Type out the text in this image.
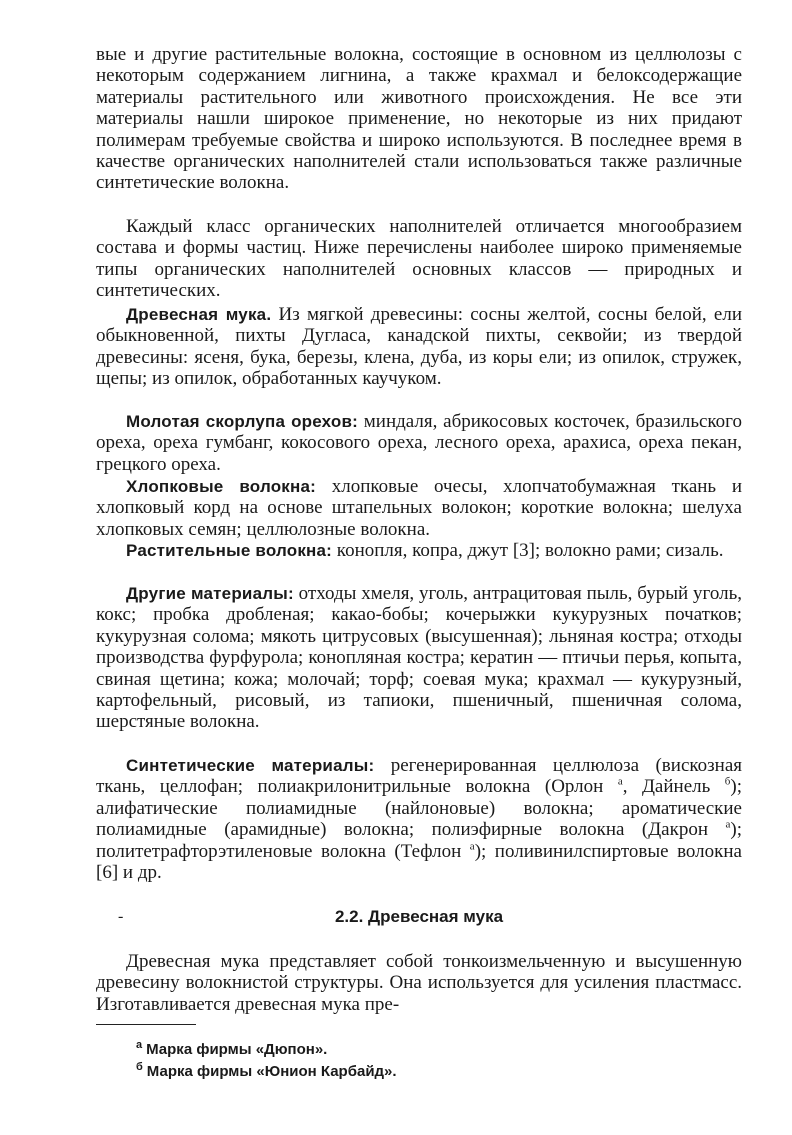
вые и другие растительные волокна, состоящие в основном из целлюлозы с некоторым содержанием лигнина, а также крахмал и белоксодержащие материалы растительного или животного происхождения. Не все эти материалы нашли широкое применение, но некоторые из них придают полимерам требуемые свойства и широко используются. В последнее время в качестве органических наполнителей стали использоваться также различные синтетические волокна.

Каждый класс органических наполнителей отличается многообразием состава и формы частиц. Ниже перечислены наиболее широко применяемые типы органических наполнителей основных классов — природных и синтетических.

Древесная мука. Из мягкой древесины: сосны желтой, сосны белой, ели обыкновенной, пихты Дугласа, канадской пихты, секвойи; из твердой древесины: ясеня, бука, березы, клена, дуба, из коры ели; из опилок, стружек, щепы; из опилок, обработанных каучуком.

Молотая скорлупа орехов: миндаля, абрикосовых косточек, бразильского ореха, ореха гумбанг, кокосового ореха, лесного ореха, арахиса, ореха пекан, грецкого ореха.

Хлопковые волокна: хлопковые очесы, хлопчатобумажная ткань и хлопковый корд на основе штапельных волокон; короткие волокна; шелуха хлопковых семян; целлюлозные волокна.

Растительные волокна: конопля, копра, джут [3]; волокно рами; сизаль.

Другие материалы: отходы хмеля, уголь, антрацитовая пыль, бурый уголь, кокс; пробка дробленая; какао-бобы; кочерыжки кукурузных початков; кукурузная солома; мякоть цитрусовых (высушенная); льняная костра; отходы производства фурфурола; конопляная костра; кератин — птичьи перья, копыта, свиная щетина; кожа; молочай; торф; соевая мука; крахмал — кукурузный, картофельный, рисовый, из тапиоки, пшеничный, пшеничная солома, шерстяные волокна.

Синтетические материалы: регенерированная целлюлоза (вискозная ткань, целлофан; полиакрилонитрильные волокна (Орлон $^а$, Дайнель $^б$); алифатические полиамидные (найлоновые) волокна; ароматические полиамидные (арамидные) волокна; полиэфирные волокна (Дакрон $^а$); политетрафторэтиленовые волокна (Тефлон $^а$); поливинилспиртовые волокна [6] и др.

-	2.2. Древесная мука

Древесная мука представляет собой тонкоизмельченную и высушенную древесину волокнистой структуры. Она используется для усиления пластмасс. Изготавливается древесная мука пре-

$^а$ Марка фирмы «Дюпон».

$^б$ Марка фирмы «Юнион Карбайд».
